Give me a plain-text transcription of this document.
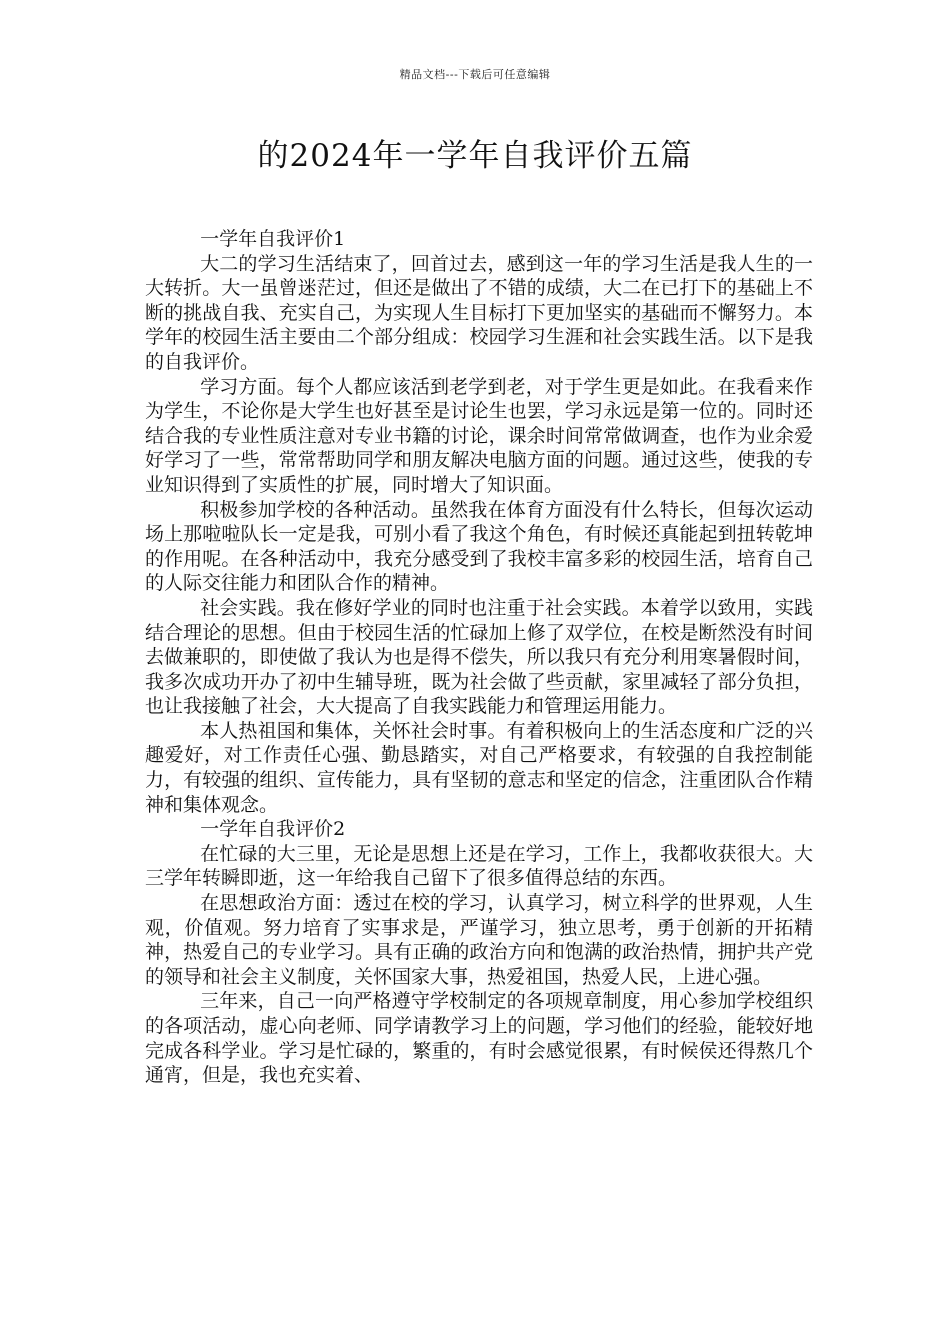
精品文档---下载后可任意编辑
的2024年一学年自我评价五篇

一学年自我评价1

大二的学习生活结束了，回首过去，感到这一年的学习生活是我人生的一大转折。大一虽曾迷茫过，但还是做出了不错的成绩，大二在已打下的基础上不断的挑战自我、充实自己，为实现人生目标打下更加坚实的基础而不懈努力。本学年的校园生活主要由二个部分组成：校园学习生涯和社会实践生活。以下是我的自我评价。

学习方面。每个人都应该活到老学到老，对于学生更是如此。在我看来作为学生，不论你是大学生也好甚至是讨论生也罢，学习永远是第一位的。同时还结合我的专业性质注意对专业书籍的讨论，课余时间常常做调查，也作为业余爱好学习了一些，常常帮助同学和朋友解决电脑方面的问题。通过这些，使我的专业知识得到了实质性的扩展，同时增大了知识面。

积极参加学校的各种活动。虽然我在体育方面没有什么特长，但每次运动场上那啦啦队长一定是我，可别小看了我这个角色，有时候还真能起到扭转乾坤的作用呢。在各种活动中，我充分感受到了我校丰富多彩的校园生活，培育自己的人际交往能力和团队合作的精神。

社会实践。我在修好学业的同时也注重于社会实践。本着学以致用，实践结合理论的思想。但由于校园生活的忙碌加上修了双学位，在校是断然没有时间去做兼职的，即使做了我认为也是得不偿失，所以我只有充分利用寒暑假时间，我多次成功开办了初中生辅导班，既为社会做了些贡献，家里减轻了部分负担，也让我接触了社会，大大提高了自我实践能力和管理运用能力。

本人热祖国和集体，关怀社会时事。有着积极向上的生活态度和广泛的兴趣爱好，对工作责任心强、勤恳踏实，对自己严格要求，有较强的自我控制能力，有较强的组织、宣传能力，具有坚韧的意志和坚定的信念，注重团队合作精神和集体观念。

一学年自我评价2

在忙碌的大三里，无论是思想上还是在学习，工作上，我都收获很大。大三学年转瞬即逝，这一年给我自己留下了很多值得总结的东西。

在思想政治方面：透过在校的学习，认真学习，树立科学的世界观，人生观，价值观。努力培育了实事求是，严谨学习，独立思考，勇于创新的开拓精神，热爱自己的专业学习。具有正确的政治方向和饱满的政治热情，拥护共产党的领导和社会主义制度，关怀国家大事，热爱祖国，热爱人民，上进心强。

三年来，自己一向严格遵守学校制定的各项规章制度，用心参加学校组织的各项活动，虚心向老师、同学请教学习上的问题，学习他们的经验，能较好地完成各科学业。学习是忙碌的，繁重的，有时会感觉很累，有时候侯还得熬几个通宵，但是，我也充实着、
